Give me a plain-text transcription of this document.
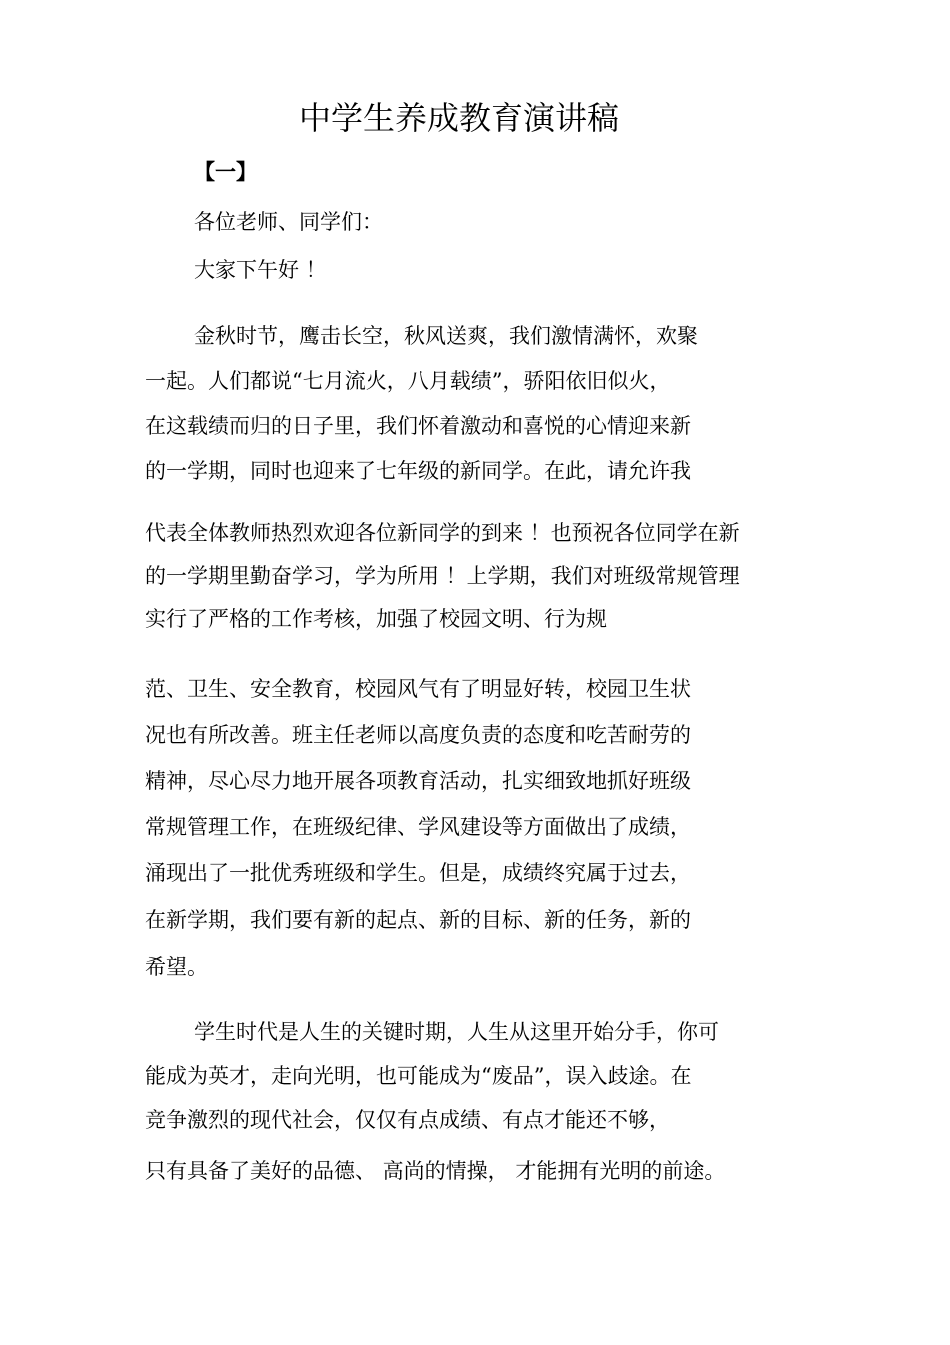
中学生养成教育演讲稿
【一】
各位老师、同学们：
大家下午好 ！
金秋时节，鹰击长空，秋风送爽，我们激情满怀，欢聚
一起。人们都说“七月流火，八月载绩”，骄阳依旧似火，
在这载绩而归的日子里，我们怀着激动和喜悦的心情迎来新
的一学期，同时也迎来了七年级的新同学。在此，请允许我
代表全体教师热烈欢迎各位新同学的到来 ！也预祝各位同学在新
的一学期里勤奋学习，学为所用 ！上学期，我们对班级常规管理
实行了严格的工作考核，加强了校园文明、行为规
范、卫生、安全教育，校园风气有了明显好转，校园卫生状
况也有所改善。班主任老师以高度负责的态度和吃苦耐劳的
精神，尽心尽力地开展各项教育活动，扎实细致地抓好班级
常规管理工作，在班级纪律、学风建设等方面做出了成绩，
涌现出了一批优秀班级和学生。但是，成绩终究属于过去，
在新学期，我们要有新的起点、新的目标、新的任务，新的
希望。
学生时代是人生的关键时期，人生从这里开始分手，你可
能成为英才，走向光明，也可能成为“废品”，误入歧途。在
竞争激烈的现代社会，仅仅有点成绩、有点才能还不够，
只有具备了美好的品德、 高尚的情操， 才能拥有光明的前途。
